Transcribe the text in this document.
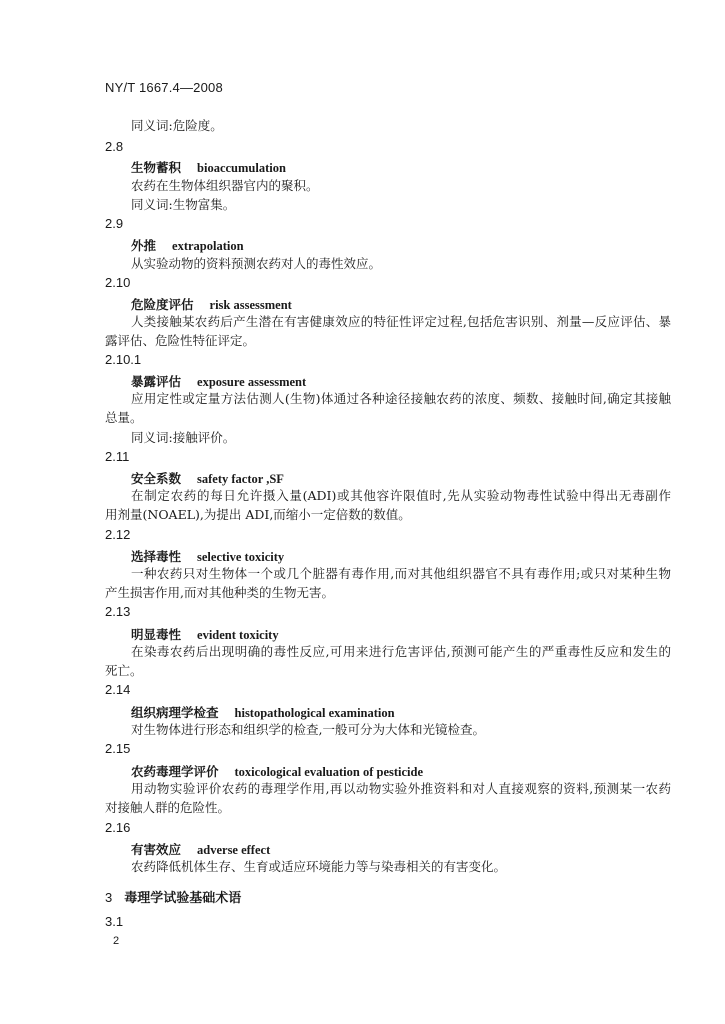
NY/T 1667.4—2008
同义词:危险度。
2.8
生物蓄积 bioaccumulation
农药在生物体组织器官内的聚积。
同义词:生物富集。
2.9
外推 extrapolation
从实验动物的资料预测农药对人的毒性效应。
2.10
危险度评估 risk assessment
人类接触某农药后产生潜在有害健康效应的特征性评定过程,包括危害识别、剂量—反应评估、暴
露评估、危险性特征评定。
2.10.1
暴露评估 exposure assessment
应用定性或定量方法估测人(生物)体通过各种途径接触农药的浓度、频数、接触时间,确定其接触
总量。
同义词:接触评价。
2.11
安全系数 safety factor ,SF
在制定农药的每日允许摄入量(ADI)或其他容许限值时,先从实验动物毒性试验中得出无毒副作
用剂量(NOAEL),为提出 ADI,而缩小一定倍数的数值。
2.12
选择毒性 selective toxicity
一种农药只对生物体一个或几个脏器有毒作用,而对其他组织器官不具有毒作用;或只对某种生物
产生损害作用,而对其他种类的生物无害。
2.13
明显毒性 evident toxicity
在染毒农药后出现明确的毒性反应,可用来进行危害评估,预测可能产生的严重毒性反应和发生的
死亡。
2.14
组织病理学检查 histopathological examination
对生物体进行形态和组织学的检查,一般可分为大体和光镜检查。
2.15
农药毒理学评价 toxicological evaluation of pesticide
用动物实验评价农药的毒理学作用,再以动物实验外推资料和对人直接观察的资料,预测某一农药
对接触人群的危险性。
2.16
有害效应 adverse effect
农药降低机体生存、生育或适应环境能力等与染毒相关的有害变化。
3 毒理学试验基础术语
3.1
2
